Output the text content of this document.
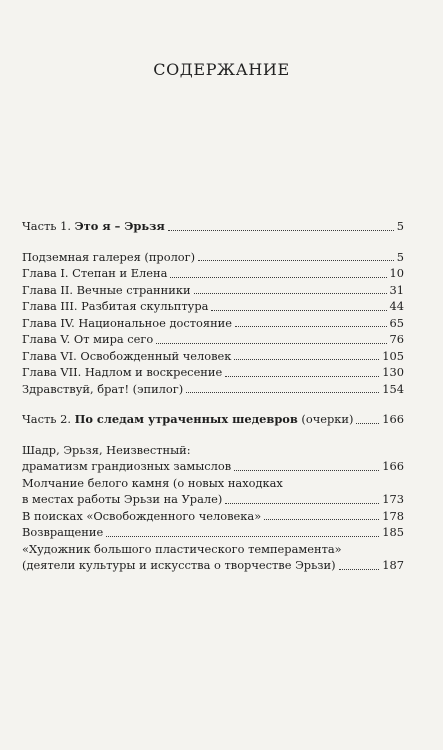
СОДЕРЖАНИЕ
Часть 1. Это я – Эрьзя	5
Подземная галерея (пролог)	5
Глава I. Степан и Елена	10
Глава II. Вечные странники	31
Глава III. Разбитая скульптура	44
Глава IV. Национальное достояние	65
Глава V. От мира сего	76
Глава VI. Освобожденный человек	105
Глава VII. Надлом и воскресение	130
Здравствуй, брат! (эпилог)	154
Часть 2. По следам утраченных шедевров (очерки)	166
Шадр, Эрьзя, Неизвестный:
драматизм грандиозных замыслов	166
Молчание белого камня (о новых находках
в местах работы Эрьзи на Урале)	173
В поисках «Освобожденного человека»	178
Возвращение	185
«Художник большого пластического темперамента»
(деятели культуры и искусства о творчестве Эрьзи)	187
